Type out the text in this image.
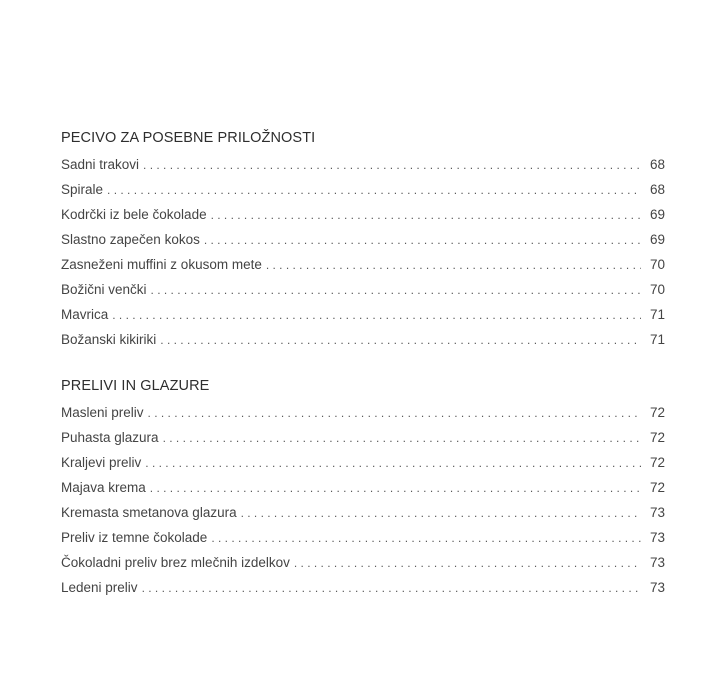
PECIVO ZA POSEBNE PRILOŽNOSTI
Sadni trakovi . . .	68
Spirale . . .	68
Kodrčki iz bele čokolade . . .	69
Slastno zapečen kokos . . .	69
Zasneženi muffini z okusom mete . . .	70
Božični venčki . . .	70
Mavrica . . .	71
Božanski kikiriki . . .	71
PRELIVI IN GLAZURE
Masleni preliv . . .	72
Puhasta glazura . . .	72
Kraljevi preliv . . .	72
Majava krema . . .	72
Kremasta smetanova glazura . . .	73
Preliv iz temne čokolade . . .	73
Čokoladni preliv brez mlečnih izdelkov . . .	73
Ledeni preliv . . .	73
